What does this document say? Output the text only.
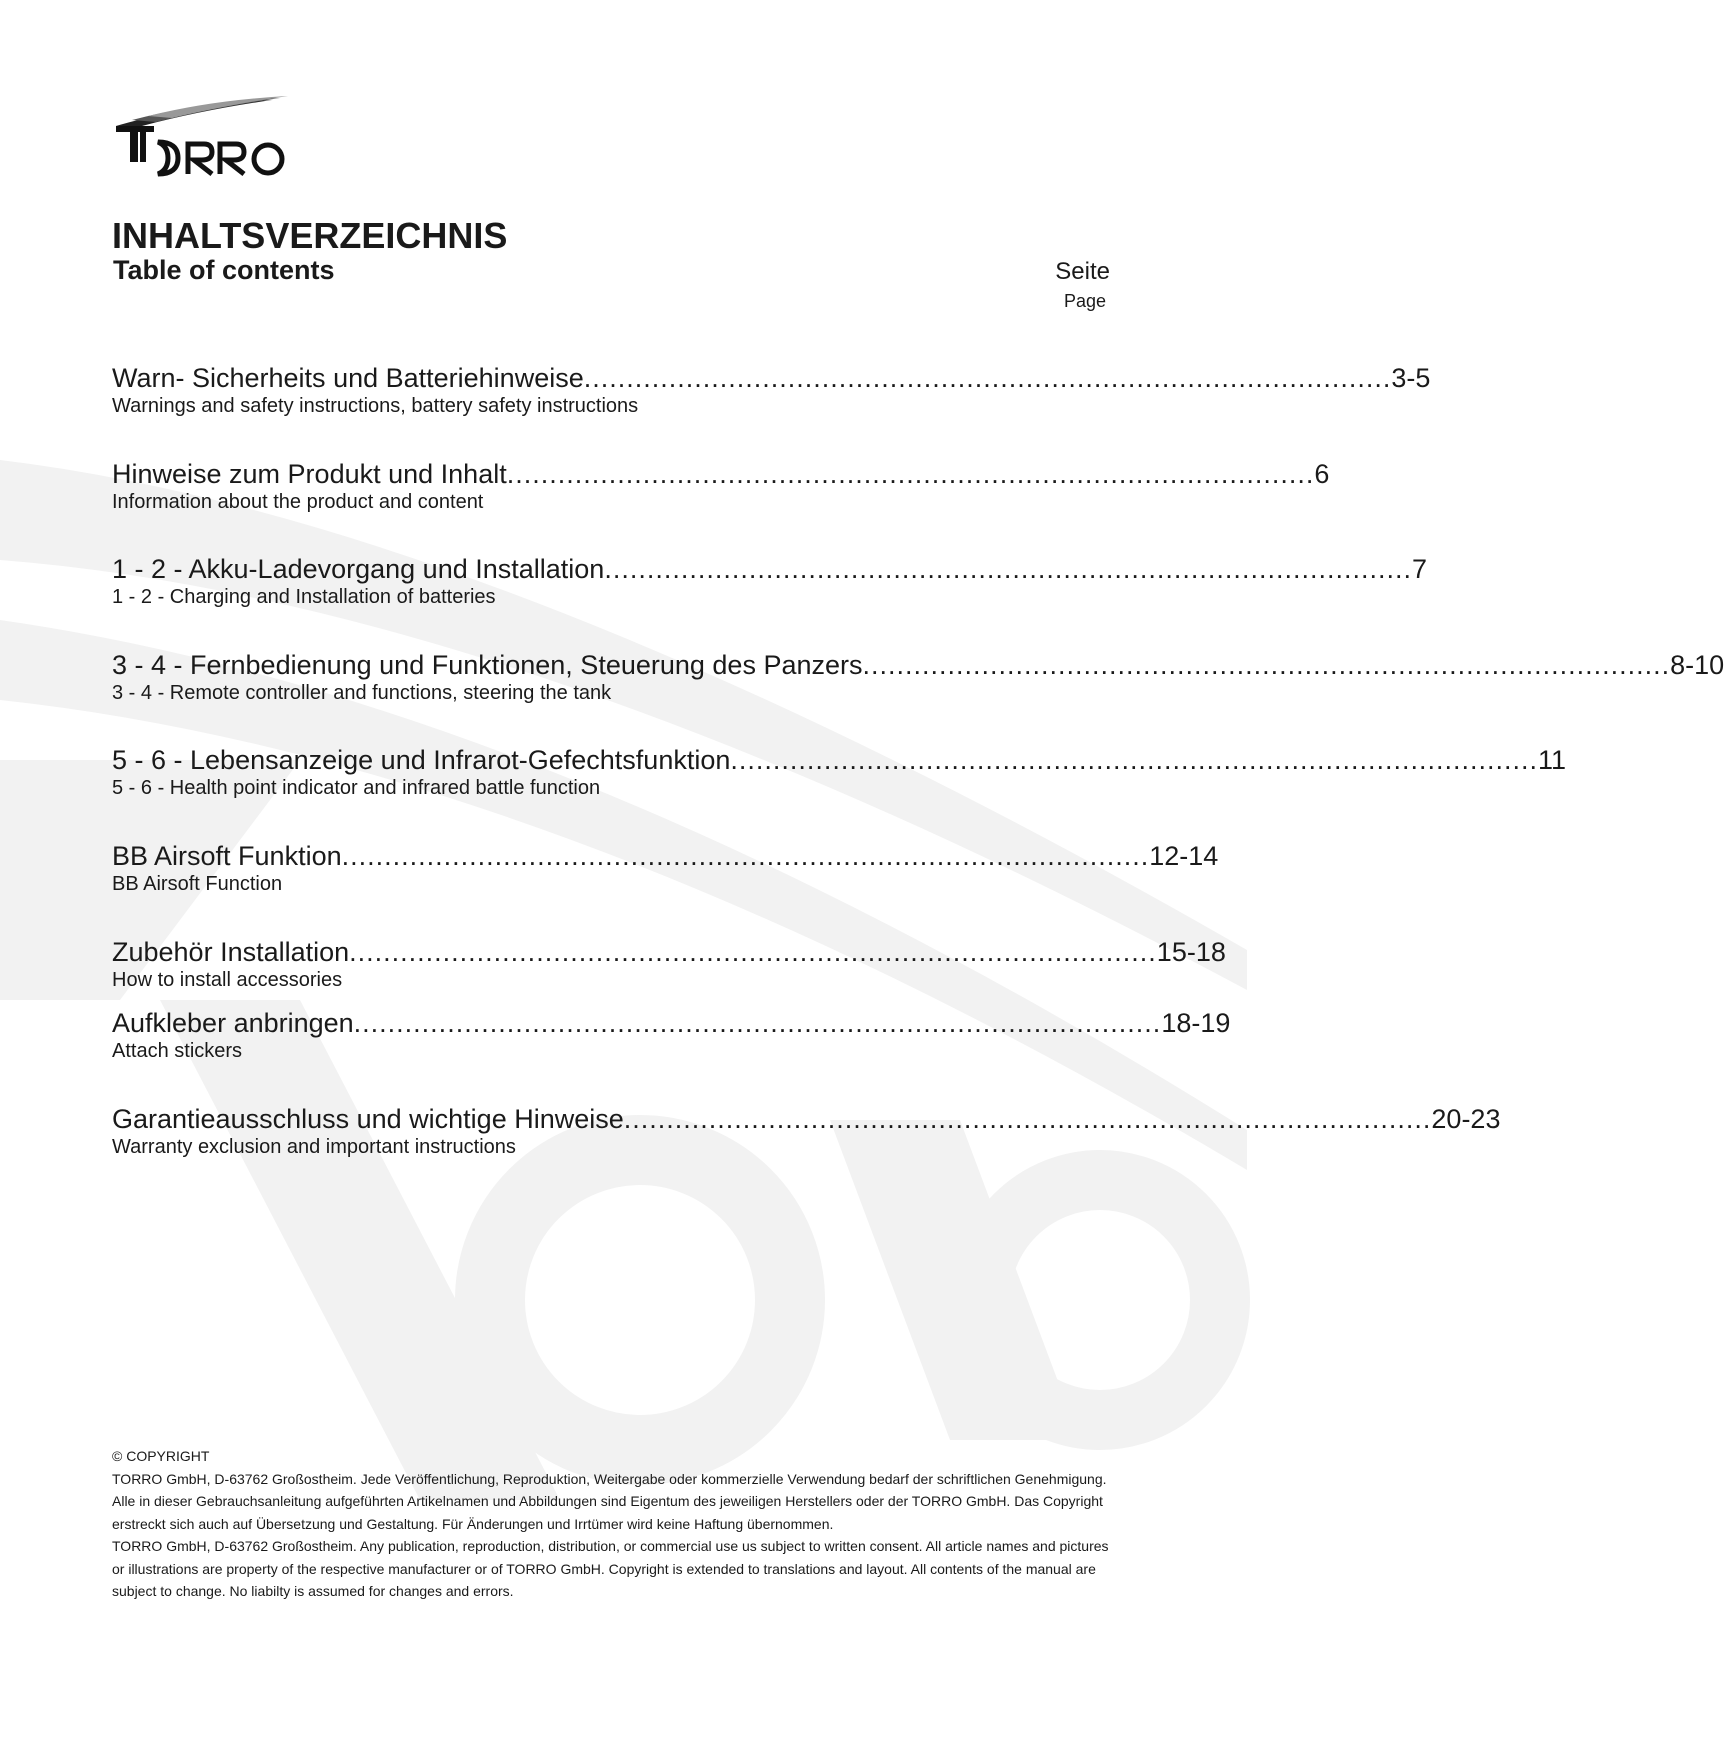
INHALTSVERZEICHNIS
Table of contents	Seite
Page
Warn- Sicherheits und Batteriehinweise ............................................................................................... 3-5
Warnings and safety instructions, battery safety instructions
Hinweise zum Produkt und Inhalt ............................................................................................... 6
Information about the product and content
1 - 2 - Akku-Ladevorgang und Installation ............................................................................................... 7
1 - 2 - Charging and Installation of batteries
3 - 4 - Fernbedienung und Funktionen, Steuerung des Panzers ............................................................................................... 8-10
3 - 4 - Remote controller and functions, steering the tank
5 - 6 - Lebensanzeige und Infrarot-Gefechtsfunktion ............................................................................................... 11
5 - 6 - Health point indicator and infrared battle function
BB Airsoft Funktion ............................................................................................... 12-14
BB Airsoft Function
Zubehör Installation ............................................................................................... 15-18
How to install accessories
Aufkleber anbringen ............................................................................................... 18-19
Attach stickers
Garantieausschluss und wichtige Hinweise ............................................................................................... 20-23
Warranty exclusion and important instructions

© COPYRIGHT

TORRO GmbH, D-63762 Großostheim. Jede Veröffentlichung, Reproduktion, Weitergabe oder kommerzielle Verwendung bedarf der schriftlichen Genehmigung. Alle in dieser Gebrauchsanleitung aufgeführten Artikelnamen und Abbildungen sind Eigentum des jeweiligen Herstellers oder der TORRO GmbH. Das Copyright erstreckt sich auch auf Übersetzung und Gestaltung. Für Änderungen und Irrtümer wird keine Haftung übernommen.

TORRO GmbH, D-63762 Großostheim. Any publication, reproduction, distribution, or commercial use us subject to written consent. All article names and pictures or illustrations are property of the respective manufacturer or of TORRO GmbH. Copyright is extended to translations and layout. All contents of the manual are subject to change. No liabilty is assumed for changes and errors.
